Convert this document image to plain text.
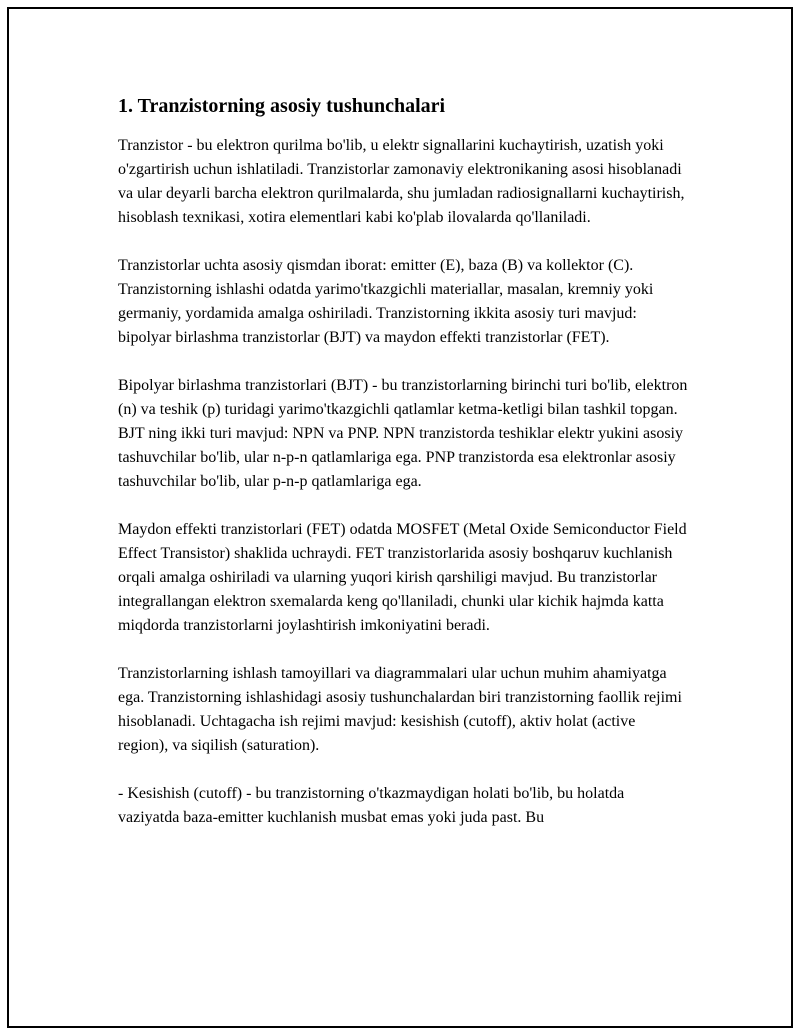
1. Tranzistorning asosiy tushunchalari

Tranzistor - bu elektron qurilma bo'lib, u elektr signallarini kuchaytirish, uzatish yoki o'zgartirish uchun ishlatiladi. Tranzistorlar zamonaviy elektronikaning asosi hisoblanadi va ular deyarli barcha elektron qurilmalarda, shu jumladan radiosignallarni kuchaytirish, hisoblash texnikasi, xotira elementlari kabi ko'plab ilovalarda qo'llaniladi.

Tranzistorlar uchta asosiy qismdan iborat: emitter (E), baza (B) va kollektor (C). Tranzistorning ishlashi odatda yarimo'tkazgichli materiallar, masalan, kremniy yoki germaniy, yordamida amalga oshiriladi. Tranzistorning ikkita asosiy turi mavjud: bipolyar birlashma tranzistorlar (BJT) va maydon effekti tranzistorlar (FET).

Bipolyar birlashma tranzistorlari (BJT) - bu tranzistorlarning birinchi turi bo'lib, elektron (n) va teshik (p) turidagi yarimo'tkazgichli qatlamlar ketma-ketligi bilan tashkil topgan. BJT ning ikki turi mavjud: NPN va PNP. NPN tranzistorda teshiklar elektr yukini asosiy tashuvchilar bo'lib, ular n-p-n qatlamlariga ega. PNP tranzistorda esa elektronlar asosiy tashuvchilar bo'lib, ular p-n-p qatlamlariga ega.

Maydon effekti tranzistorlari (FET) odatda MOSFET (Metal Oxide Semiconductor Field Effect Transistor) shaklida uchraydi. FET tranzistorlarida asosiy boshqaruv kuchlanish orqali amalga oshiriladi va ularning yuqori kirish qarshiligi mavjud. Bu tranzistorlar integrallangan elektron sxemalarda keng qo'llaniladi, chunki ular kichik hajmda katta miqdorda tranzistorlarni joylashtirish imkoniyatini beradi.

Tranzistorlarning ishlash tamoyillari va diagrammalari ular uchun muhim ahamiyatga ega. Tranzistorning ishlashidagi asosiy tushunchalardan biri tranzistorning faollik rejimi hisoblanadi. Uchtagacha ish rejimi mavjud: kesishish (cutoff), aktiv holat (active region), va siqilish (saturation).

- Kesishish (cutoff) - bu tranzistorning o'tkazmaydigan holati bo'lib, bu holatda vaziyatda baza-emitter kuchlanish musbat emas yoki juda past. Bu
